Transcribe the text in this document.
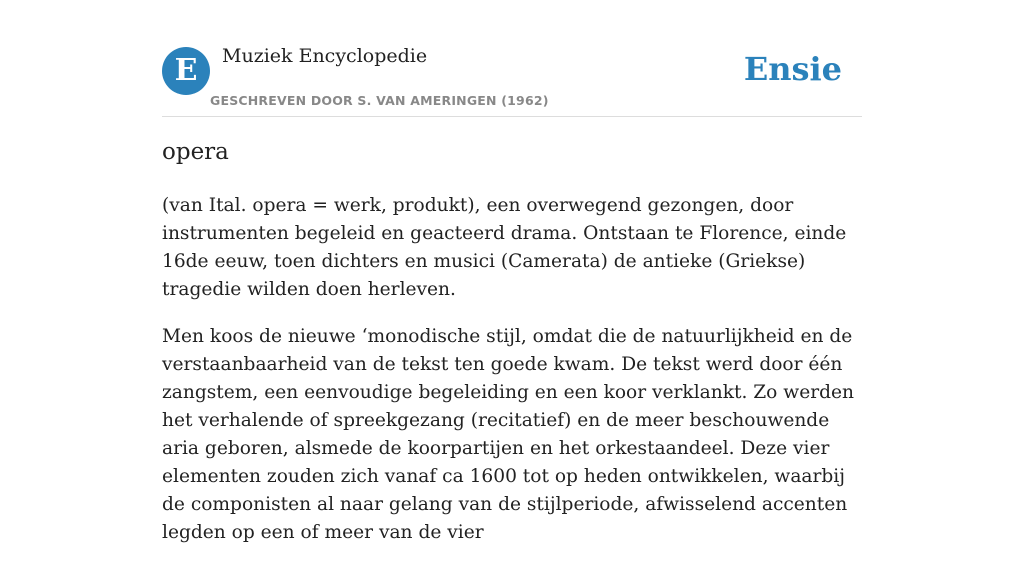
E	Muziek Encyclopedie
GESCHREVEN DOOR S. VAN AMERINGEN (1962)
Ensie
opera

(van Ital. opera = werk, produkt), een overwegend gezongen, door instrumenten begeleid en geacteerd drama. Ontstaan te Florence, einde 16de eeuw, toen dichters en musici (Camerata) de antieke (Griekse) tragedie wilden doen herleven.

Men koos de nieuwe ‘monodische stijl, omdat die de natuurlijkheid en de verstaanbaarheid van de tekst ten goede kwam. De tekst werd door één zangstem, een eenvoudige begeleiding en een koor verklankt. Zo werden het verhalende of spreekgezang (recitatief) en de meer beschouwende aria geboren, alsmede de koorpartijen en het orkestaandeel. Deze vier elementen zouden zich vanaf ca 1600 tot op heden ontwikkelen, waarbij de componisten al naar gelang van de stijlperiode, afwisselend accenten legden op een of meer van de vier
